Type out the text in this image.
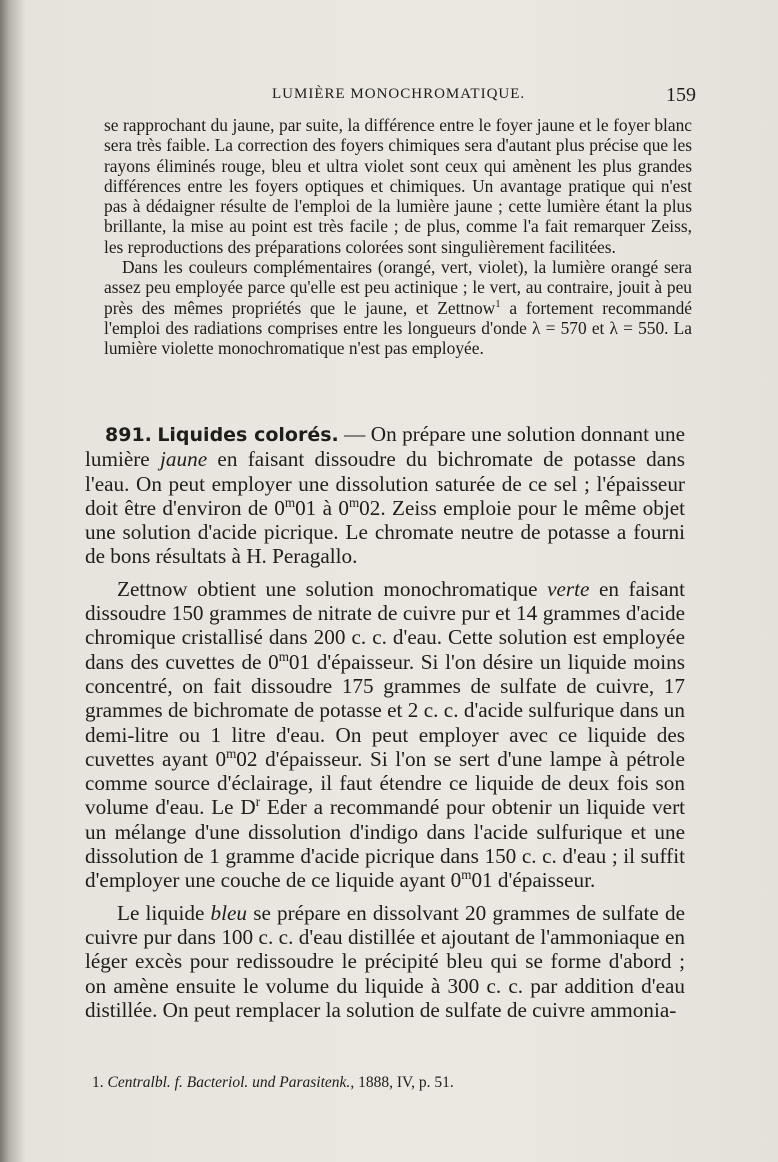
LUMIÈRE MONOCHROMATIQUE.	159

se rapprochant du jaune, par suite, la différence entre le foyer jaune et le foyer blanc sera très faible. La correction des foyers chimiques sera d'autant plus précise que les rayons éliminés rouge, bleu et ultra violet sont ceux qui amènent les plus grandes différences entre les foyers optiques et chimiques. Un avantage pratique qui n'est pas à dédaigner résulte de l'emploi de la lumière jaune ; cette lumière étant la plus brillante, la mise au point est très facile ; de plus, comme l'a fait remarquer Zeiss, les reproductions des préparations colorées sont singulièrement facilitées.

Dans les couleurs complémentaires (orangé, vert, violet), la lumière orangé sera assez peu employée parce qu'elle est peu actinique ; le vert, au contraire, jouit à peu près des mêmes propriétés que le jaune, et Zettnow$^1$ a fortement recommandé l'emploi des radiations comprises entre les longueurs d'onde λ = 570 et λ = 550. La lumière violette monochromatique n'est pas employée.

891. Liquides colorés. — On prépare une solution donnant une lumière jaune en faisant dissoudre du bichromate de potasse dans l'eau. On peut employer une dissolution saturée de ce sel ; l'épaisseur doit être d'environ de 0$^m$01 à 0$^m$02. Zeiss emploie pour le même objet une solution d'acide picrique. Le chromate neutre de potasse a fourni de bons résultats à H. Peragallo.

Zettnow obtient une solution monochromatique verte en faisant dissoudre 150 grammes de nitrate de cuivre pur et 14 grammes d'acide chromique cristallisé dans 200 c. c. d'eau. Cette solution est employée dans des cuvettes de 0$^m$01 d'épaisseur. Si l'on désire un liquide moins concentré, on fait dissoudre 175 grammes de sulfate de cuivre, 17 grammes de bichromate de potasse et 2 c. c. d'acide sulfurique dans un demi-litre ou 1 litre d'eau. On peut employer avec ce liquide des cuvettes ayant 0$^m$02 d'épaisseur. Si l'on se sert d'une lampe à pétrole comme source d'éclairage, il faut étendre ce liquide de deux fois son volume d'eau. Le $D^r$ Eder a recommandé pour obtenir un liquide vert un mélange d'une dissolution d'indigo dans l'acide sulfurique et une dissolution de 1 gramme d'acide picrique dans 150 c. c. d'eau ; il suffit d'employer une couche de ce liquide ayant 0$^m$01 d'épaisseur.

Le liquide bleu se prépare en dissolvant 20 grammes de sulfate de cuivre pur dans 100 c. c. d'eau distillée et ajoutant de l'ammoniaque en léger excès pour redissoudre le précipité bleu qui se forme d'abord ; on amène ensuite le volume du liquide à 300 c. c. par addition d'eau distillée. On peut remplacer la solution de sulfate de cuivre ammonia-

1. Centralbl. f. Bacteriol. und Parasitenk., 1888, IV, p. 51.
